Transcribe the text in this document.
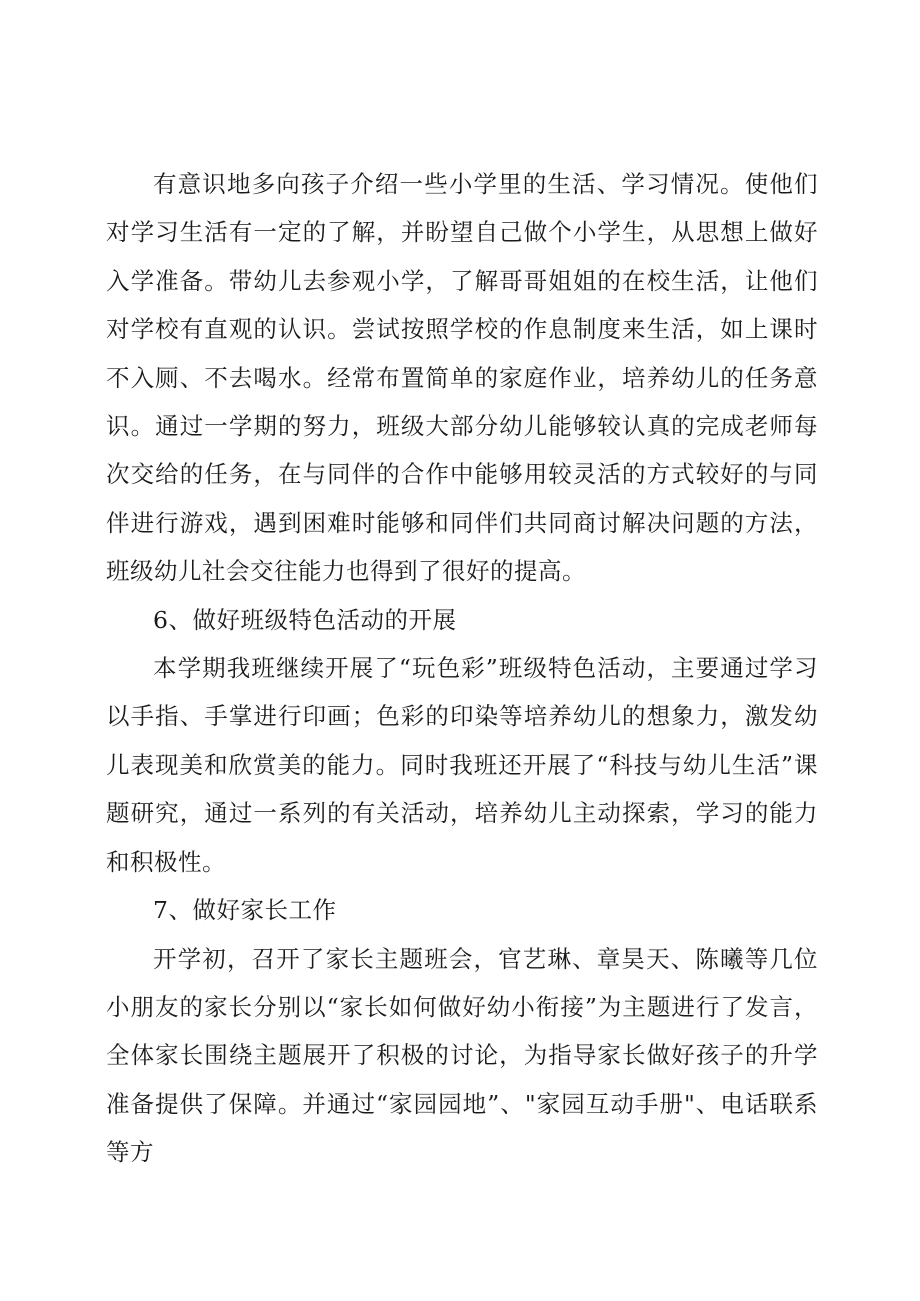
有意识地多向孩子介绍一些小学里的生活、学习情况。使他们对学习生活有一定的了解，并盼望自己做个小学生，从思想上做好入学准备。带幼儿去参观小学，了解哥哥姐姐的在校生活，让他们对学校有直观的认识。尝试按照学校的作息制度来生活，如上课时不入厕、不去喝水。经常布置简单的家庭作业，培养幼儿的任务意识。通过一学期的努力，班级大部分幼儿能够较认真的完成老师每次交给的任务，在与同伴的合作中能够用较灵活的方式较好的与同伴进行游戏，遇到困难时能够和同伴们共同商讨解决问题的方法，班级幼儿社会交往能力也得到了很好的提高。

6、做好班级特色活动的开展

本学期我班继续开展了“玩色彩”班级特色活动，主要通过学习以手指、手掌进行印画；色彩的印染等培养幼儿的想象力，激发幼儿表现美和欣赏美的能力。同时我班还开展了“科技与幼儿生活”课题研究，通过一系列的有关活动，培养幼儿主动探索，学习的能力和积极性。

7、做好家长工作

开学初，召开了家长主题班会，官艺琳、章昊天、陈曦等几位小朋友的家长分别以“家长如何做好幼小衔接”为主题进行了发言，全体家长围绕主题展开了积极的讨论，为指导家长做好孩子的升学准备提供了保障。并通过“家园园地”、"家园互动手册"、电话联系等方
